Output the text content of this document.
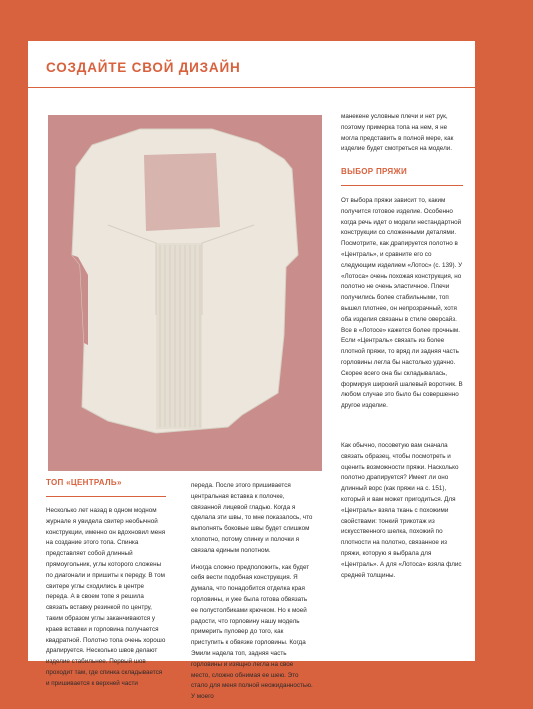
СОЗДАЙТЕ СВОЙ ДИЗАЙН

манекене условные плечи и нет рук, поэтому примерка топа на нем, я не могла представить в полной мере, как изделие будет смотреться на модели.

ВЫБОР ПРЯЖИ

От выбора пряжи зависит то, каким получится готовое изделие. Особенно когда речь идет о модели нестандартной конструкции со сложенными деталями. Посмотрите, как драпируется полотно в «Централь», и сравните его со следующим изделием «Лотос» (с. 139). У «Лотоса» очень похожая конструкция, но полотно не очень эластичное. Плечи получились более стабильными, топ вышел плотнее, он непрозрачный, хотя оба изделия связаны в стиле оверсайз. Все в «Лотосе» кажется более прочным. Если «Централь» связать из более плотной пряжи, то вряд ли задняя часть горловины легла бы настолько удачно. Скорее всего она бы складывалась, формируя широкий шалевый воротник. В любом случае это было бы совершенно другое изделие.

Как обычно, посоветую вам сначала связать образец, чтобы посмотреть и оценить возможности пряжи. Насколько полотно драпируется? Имеет ли оно длинный ворс (как пряжи на с. 151), который и вам может пригодиться. Для «Централь» взяла ткань с похожими свойствами: тонкий трикотаж из искусственного шелка, похожий по плотности на полотно, связанное из пряжи, которую я выбрала для «Централь». А для «Лотоса» взяла флис средней толщины.

ТОП «ЦЕНТРАЛЬ»

Несколько лет назад в одном модном журнале я увидела свитер необычной конструкции, именно он вдохновил меня на создание этого топа. Спинка представляет собой длинный прямоугольник, углы которого сложены по диагонали и пришиты к переду. В том свитере углы сходились в центре переда. А в своем топе я решила связать вставку резинкой по центру, таким образом углы заканчиваются у краев вставки и горловина получается квадратной. Полотно топа очень хорошо драпируется. Несколько швов делают изделие стабильнее. Первый шов проходит там, где спинка складывается и пришивается к верхней части

переда. После этого пришивается центральная вставка к полочке, связанной лицевой гладью. Когда я сделала эти швы, то мне показалось, что выполнять боковые швы будет слишком хлопотно, потому спинку и полочки я связала единым полотном.

Иногда сложно предположить, как будет себя вести подобная конструкция. Я думала, что понадобится отделка края горловины, и уже была готова обвязать ее полустолбиками крючком. Но к моей радости, что горловину нашу модель примерить пуловер до того, как приступить к обвязке горловины. Когда Эмили надела топ, задняя часть горловины и изящно легла на свое место, сложно обнимая ее шею. Это стало для меня полной неожиданностью. У моего
